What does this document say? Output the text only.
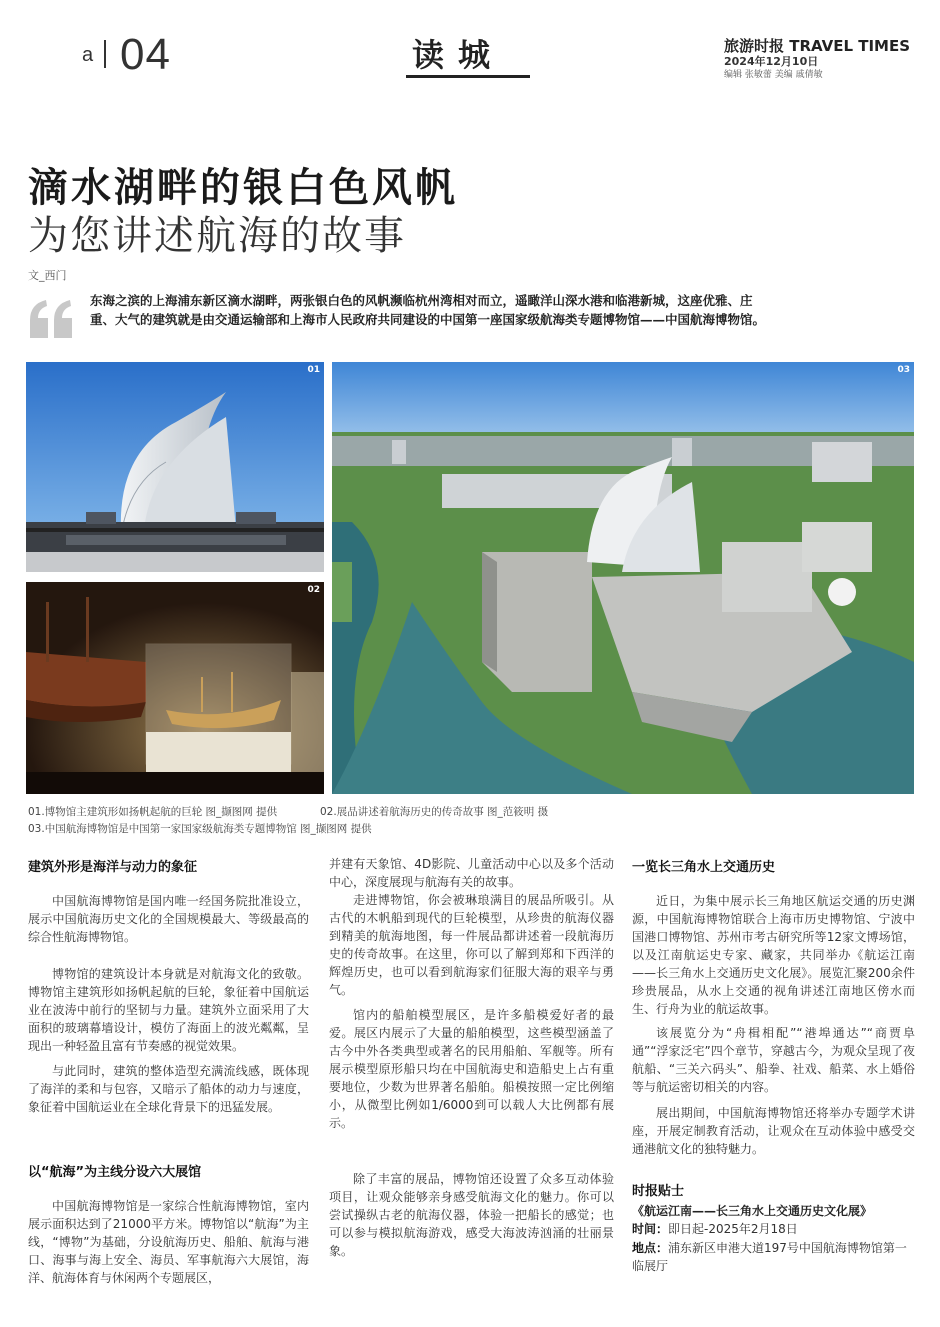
a 04	读城	旅游时报 TRAVEL TIMES
2024年12月10日
编辑 张敏蕾 美编 戚倩敏
滴水湖畔的银白色风帆
为您讲述航海的故事
文_西门
东海之滨的上海浦东新区滴水湖畔，两张银白色的风帆濒临杭州湾相对而立，遥瞰洋山深水港和临港新城，这座优雅、庄重、大气的建筑就是由交通运输部和上海市人民政府共同建设的中国第一座国家级航海类专题博物馆——中国航海博物馆。
01
02
03
01.博物馆主建筑形如扬帆起航的巨轮 图_撷图网 提供	02.展品讲述着航海历史的传奇故事 图_范筱明 摄
03.中国航海博物馆是中国第一家国家级航海类专题博物馆 图_撷图网 提供
建筑外形是海洋与动力的象征

中国航海博物馆是国内唯一经国务院批准设立，展示中国航海历史文化的全国规模最大、等级最高的综合性航海博物馆。

博物馆的建筑设计本身就是对航海文化的致敬。博物馆主建筑形如扬帆起航的巨轮，象征着中国航运业在波涛中前行的坚韧与力量。建筑外立面采用了大面积的玻璃幕墙设计，模仿了海面上的波光粼粼，呈现出一种轻盈且富有节奏感的视觉效果。

与此同时，建筑的整体造型充满流线感，既体现了海洋的柔和与包容，又暗示了船体的动力与速度，象征着中国航运业在全球化背景下的迅猛发展。

以“航海”为主线分设六大展馆

中国航海博物馆是一家综合性航海博物馆，室内展示面积达到了21000平方米。博物馆以“航海”为主线，“博物”为基础，分设航海历史、船舶、航海与港口、海事与海上安全、海员、军事航海六大展馆，海洋、航海体育与休闲两个专题展区，

并建有天象馆、4D影院、儿童活动中心以及多个活动中心，深度展现与航海有关的故事。

走进博物馆，你会被琳琅满目的展品所吸引。从古代的木帆船到现代的巨轮模型，从珍贵的航海仪器到精美的航海地图，每一件展品都讲述着一段航海历史的传奇故事。在这里，你可以了解到郑和下西洋的辉煌历史，也可以看到航海家们征服大海的艰辛与勇气。

馆内的船舶模型展区，是许多船模爱好者的最爱。展区内展示了大量的船舶模型，这些模型涵盖了古今中外各类典型或著名的民用船舶、军舰等。所有展示模型原形船只均在中国航海史和造船史上占有重要地位，少数为世界著名船舶。船模按照一定比例缩小，从微型比例如1/6000到可以载人大比例都有展示。

除了丰富的展品，博物馆还设置了众多互动体验项目，让观众能够亲身感受航海文化的魅力。你可以尝试操纵古老的航海仪器，体验一把船长的感觉；也可以参与模拟航海游戏，感受大海波涛汹涌的壮丽景象。

一览长三角水上交通历史

近日，为集中展示长三角地区航运交通的历史渊源，中国航海博物馆联合上海市历史博物馆、宁波中国港口博物馆、苏州市考古研究所等12家文博场馆，以及江南航运史专家、藏家，共同举办《航运江南——长三角水上交通历史文化展》。展览汇聚200余件珍贵展品，从水上交通的视角讲述江南地区傍水而生、行舟为业的航运故事。

该展览分为“舟楫相配”“港埠通达”“商贾阜通”“浮家泛宅”四个章节，穿越古今，为观众呈现了夜航船、“三关六码头”、船拳、社戏、船菜、水上婚俗等与航运密切相关的内容。

展出期间，中国航海博物馆还将举办专题学术讲座，开展定制教育活动，让观众在互动体验中感受交通港航文化的独特魅力。

时报贴士
《航运江南——长三角水上交通历史文化展》
时间：即日起-2025年2月18日
地点：浦东新区申港大道197号中国航海博物馆第一临展厅
